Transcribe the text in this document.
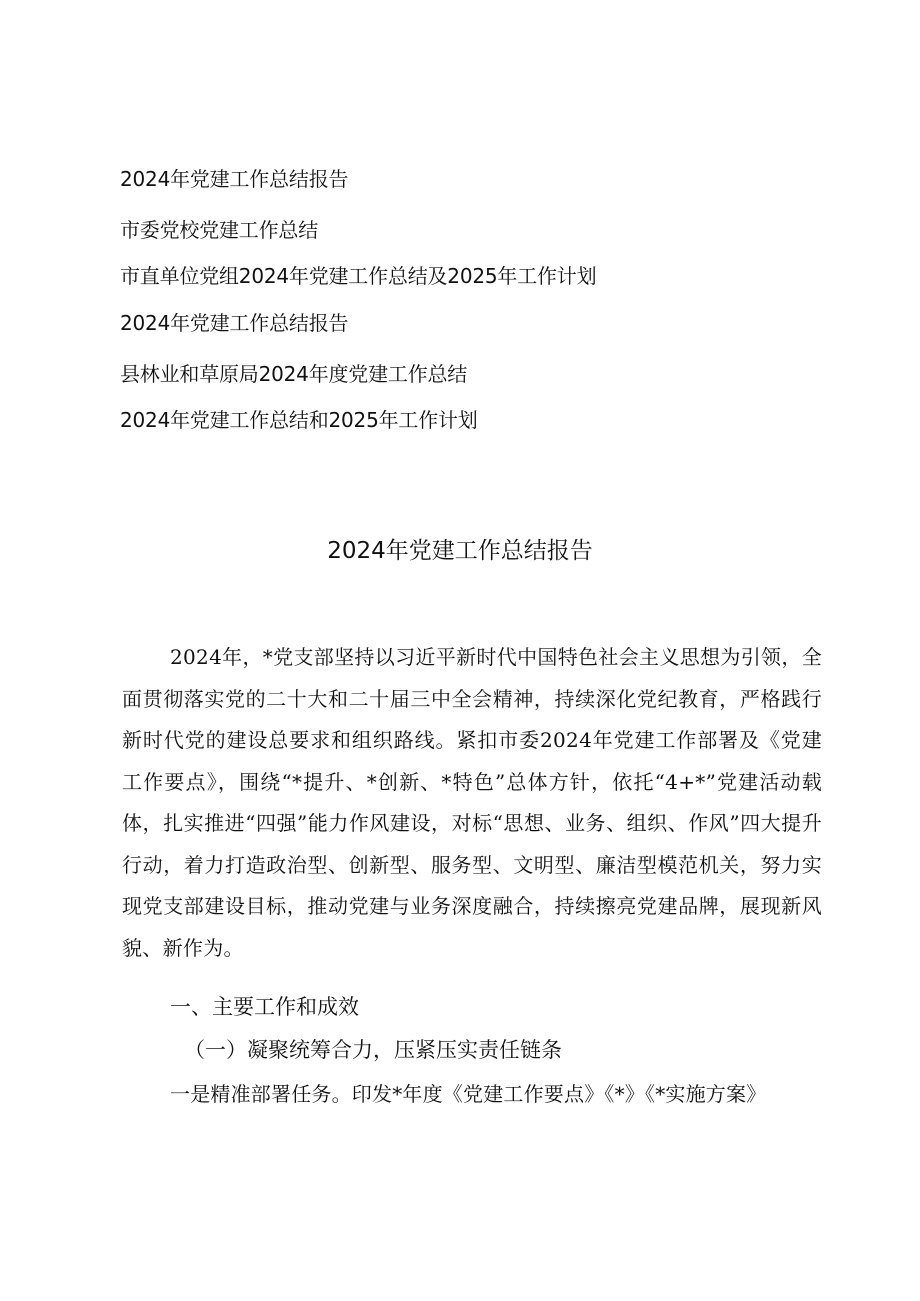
2024年党建工作总结报告
市委党校党建工作总结
市直单位党组2024年党建工作总结及2025年工作计划
2024年党建工作总结报告
县林业和草原局2024年度党建工作总结
2024年党建工作总结和2025年工作计划
2024年党建工作总结报告
2024年，*党支部坚持以习近平新时代中国特色社会主义思想为引领，全面贯彻落实党的二十大和二十届三中全会精神，持续深化党纪教育，严格践行新时代党的建设总要求和组织路线。紧扣市委2024年党建工作部署及《党建工作要点》，围绕“*提升、*创新、*特色”总体方针，依托“4+*”党建活动载体，扎实推进“四强”能力作风建设，对标“思想、业务、组织、作风”四大提升行动，着力打造政治型、创新型、服务型、文明型、廉洁型模范机关，努力实现党支部建设目标，推动党建与业务深度融合，持续擦亮党建品牌，展现新风貌、新作为。
一、主要工作和成效
（一）凝聚统筹合力，压紧压实责任链条
一是精准部署任务。印发*年度《党建工作要点》《*》《*实施方案》
